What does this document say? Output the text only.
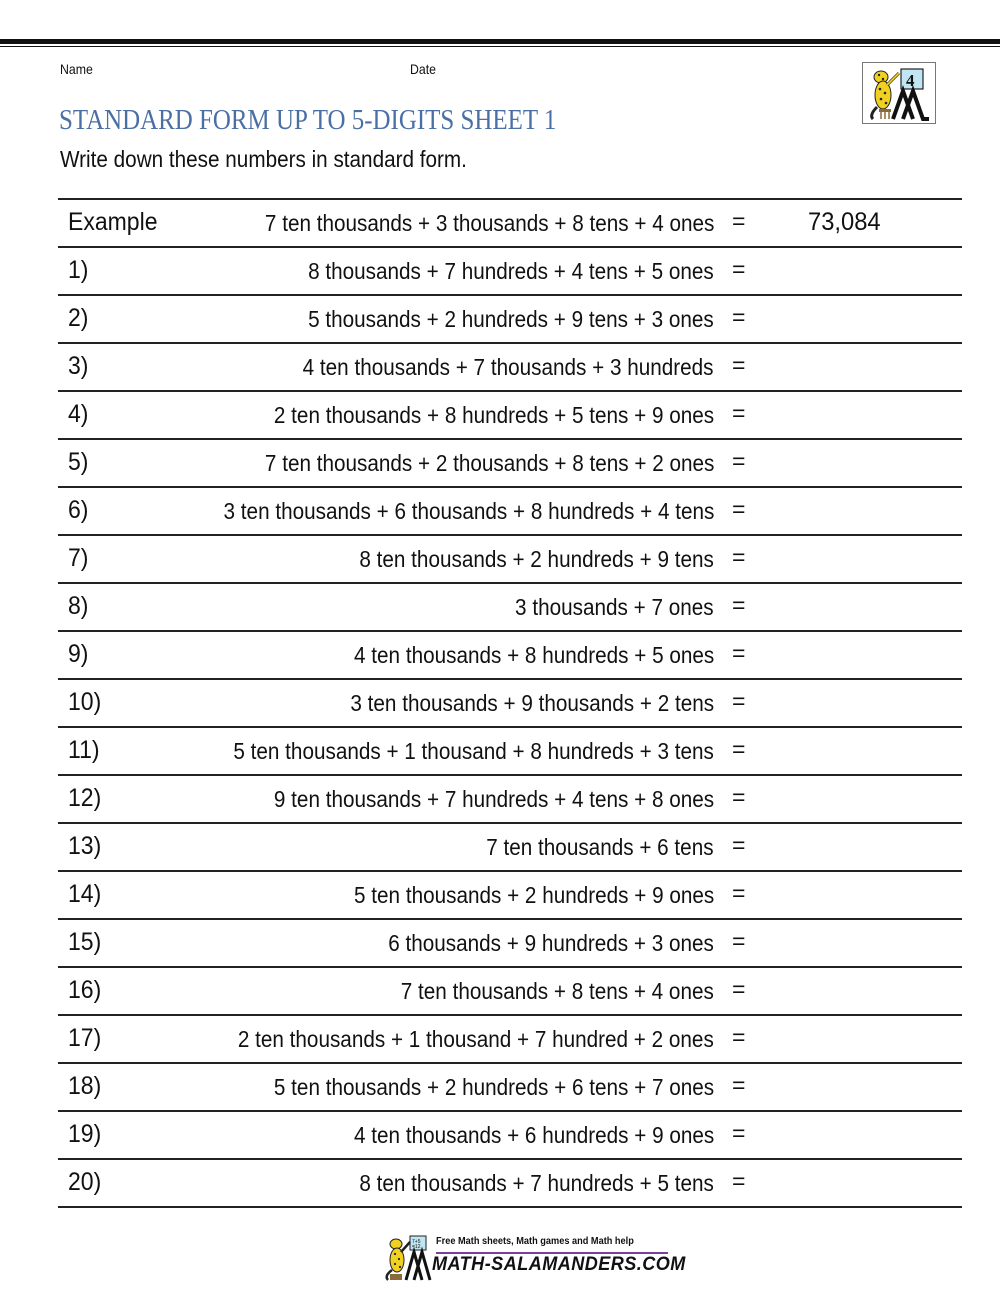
Name	Date
4
STANDARD FORM UP TO 5-DIGITS SHEET 1
Write down these numbers in standard form.
Example	7 ten thousands + 3 thousands + 8 tens + 4 ones =	73,084
1)	8 thousands + 7 hundreds + 4 tens + 5 ones =
2)	5 thousands + 2 hundreds + 9 tens + 3 ones =
3)	4 ten thousands + 7 thousands + 3 hundreds =
4)	2 ten thousands + 8 hundreds + 5 tens + 9 ones =
5)	7 ten thousands + 2 thousands + 8 tens + 2 ones =
6)	3 ten thousands + 6 thousands + 8 hundreds + 4 tens =
7)	8 ten thousands + 2 hundreds + 9 tens =
8)	3 thousands + 7 ones =
9)	4 ten thousands + 8 hundreds + 5 ones =
10)	3 ten thousands + 9 thousands + 2 tens =
11)	5 ten thousands + 1 thousand + 8 hundreds + 3 tens =
12)	9 ten thousands + 7 hundreds + 4 tens + 8 ones =
13)	7 ten thousands + 6 tens =
14)	5 ten thousands + 2 hundreds + 9 ones =
15)	6 thousands + 9 hundreds + 3 ones =
16)	7 ten thousands + 8 tens + 4 ones =
17)	2 ten thousands + 1 thousand + 7 hundred + 2 ones =
18)	5 ten thousands + 2 hundreds + 6 tens + 7 ones =
19)	4 ten thousands + 6 hundreds + 9 ones =
20)	8 ten thousands + 7 hundreds + 5 tens =
7+5
=12 Free Math sheets, Math games and Math help
MATH-SALAMANDERS.COM
